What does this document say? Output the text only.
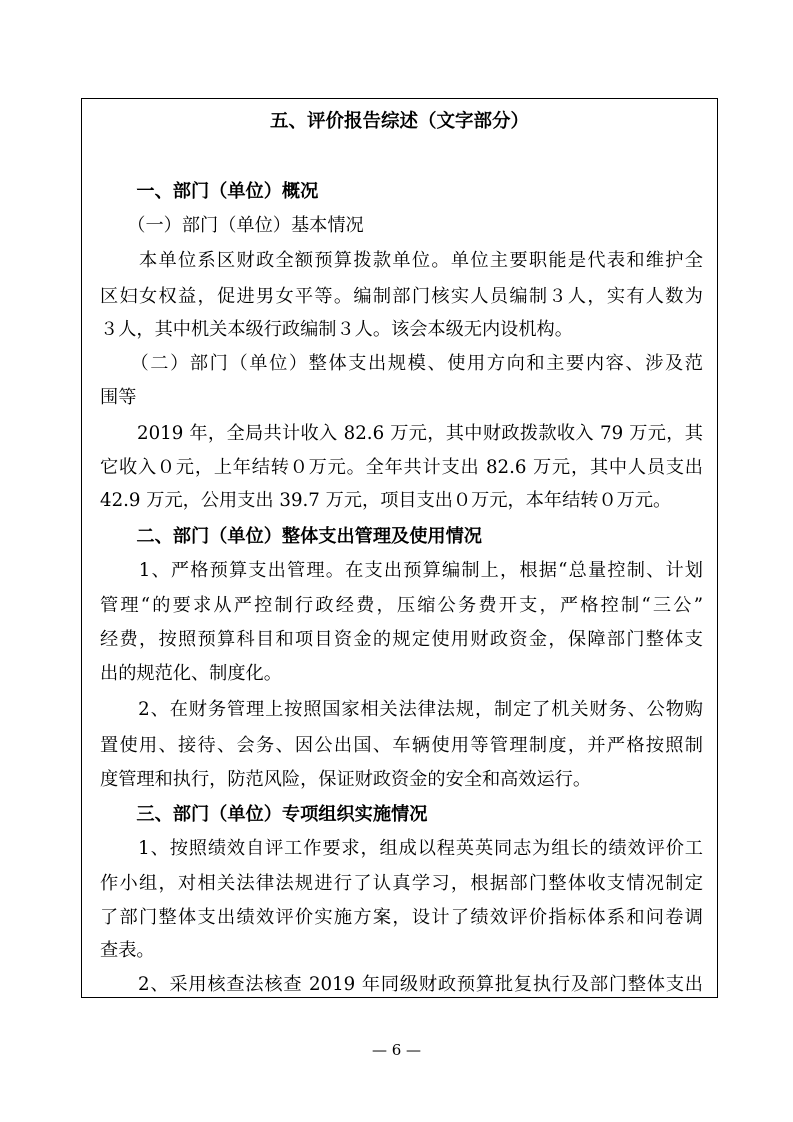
五、评价报告综述（文字部分）
　　一、部门（单位）概况
　　（一）部门（单位）基本情况
　　本单位系区财政全额预算拨款单位。单位主要职能是代表和维护全
区妇女权益，促进男女平等。编制部门核实人员编制３人，实有人数为
３人，其中机关本级行政编制３人。该会本级无内设机构。
　　（二）部门（单位）整体支出规模、使用方向和主要内容、涉及范
围等
　　2019 年，全局共计收入 82.6 万元，其中财政拨款收入 79 万元，其
它收入０元，上年结转０万元。全年共计支出 82.6 万元，其中人员支出
42.9 万元，公用支出 39.7 万元，项目支出０万元，本年结转０万元。
　　二、部门（单位）整体支出管理及使用情况
　　1、严格预算支出管理。在支出预算编制上，根据“总量控制、计划
管理“的要求从严控制行政经费，压缩公务费开支，严格控制“三公”
经费，按照预算科目和项目资金的规定使用财政资金，保障部门整体支
出的规范化、制度化。
　　2、在财务管理上按照国家相关法律法规，制定了机关财务、公物购
置使用、接待、会务、因公出国、车辆使用等管理制度，并严格按照制
度管理和执行，防范风险，保证财政资金的安全和高效运行。
　　三、部门（单位）专项组织实施情况
　　1、按照绩效自评工作要求，组成以程英英同志为组长的绩效评价工
作小组，对相关法律法规进行了认真学习，根据部门整体收支情况制定
了部门整体支出绩效评价实施方案，设计了绩效评价指标体系和问卷调
查表。
　　2、采用核查法核查 2019 年同级财政预算批复执行及部门整体支出
— 6 —
